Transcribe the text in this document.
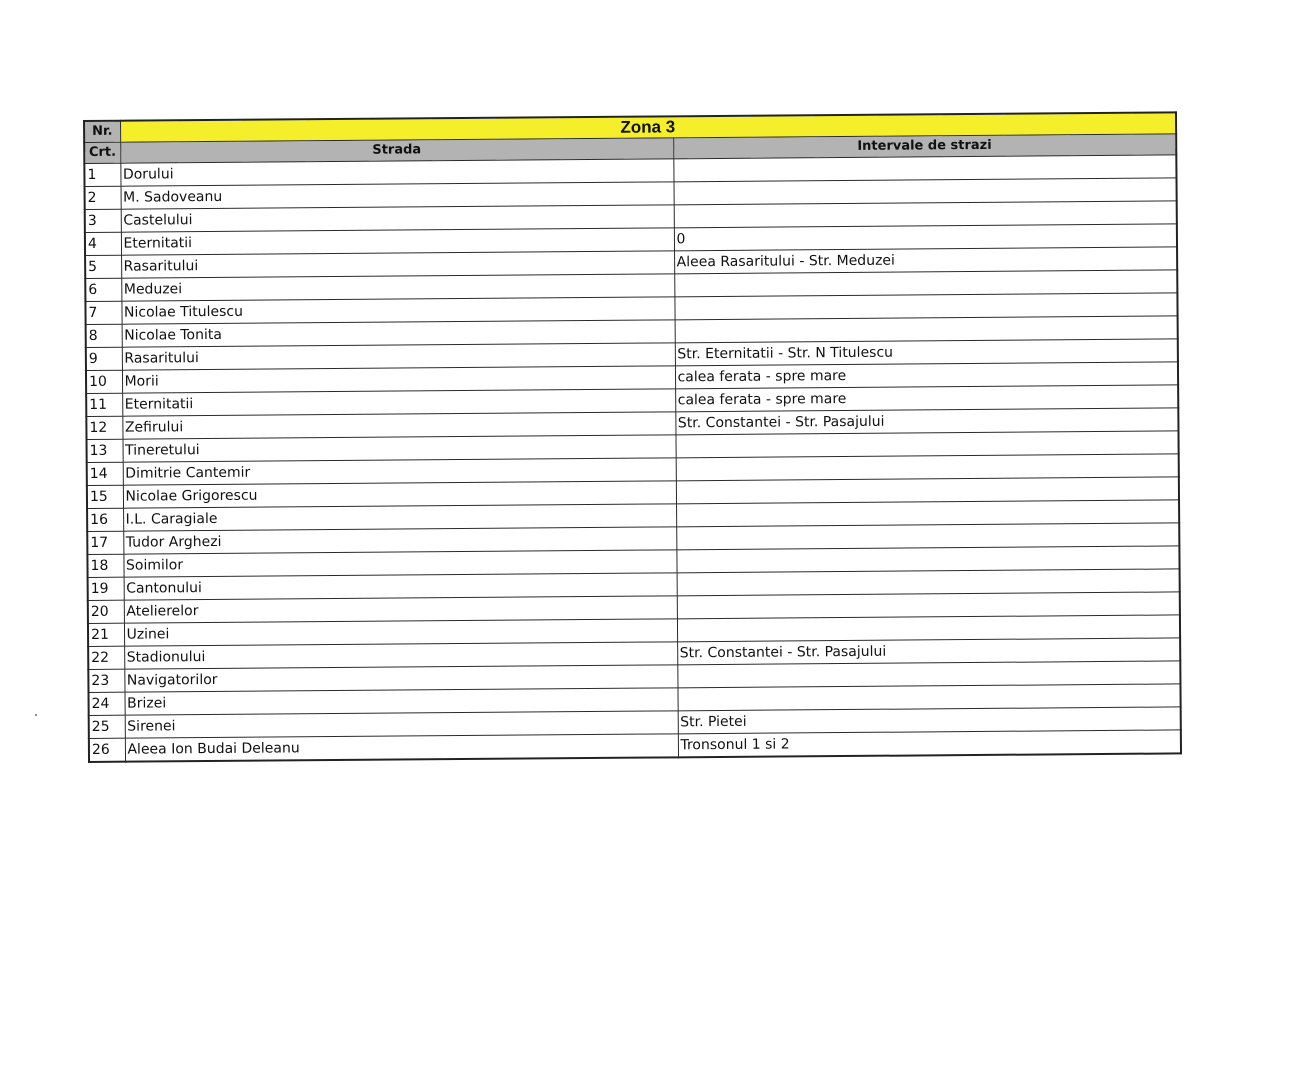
Nr.	Zona 3	
Crt.	Strada	Intervale de strazi
1	Dorului	
2	M. Sadoveanu	
3	Castelului	
4	Eternitatii	0
5	Rasaritului	Aleea Rasaritului - Str. Meduzei
6	Meduzei	
7	Nicolae Titulescu	
8	Nicolae Tonita	
9	Rasaritului	Str. Eternitatii - Str. N Titulescu
10	Morii	calea ferata - spre mare
11	Eternitatii	calea ferata - spre mare
12	Zefirului	Str. Constantei - Str. Pasajului
13	Tineretului	
14	Dimitrie Cantemir	
15	Nicolae Grigorescu	
16	I.L. Caragiale	
17	Tudor Arghezi	
18	Soimilor	
19	Cantonului	
20	Atelierelor	
21	Uzinei	
22	Stadionului	Str. Constantei - Str. Pasajului
23	Navigatorilor	
24	Brizei	
25	Sirenei	Str. Pietei
26	Aleea Ion Budai Deleanu	Tronsonul 1 si 2
